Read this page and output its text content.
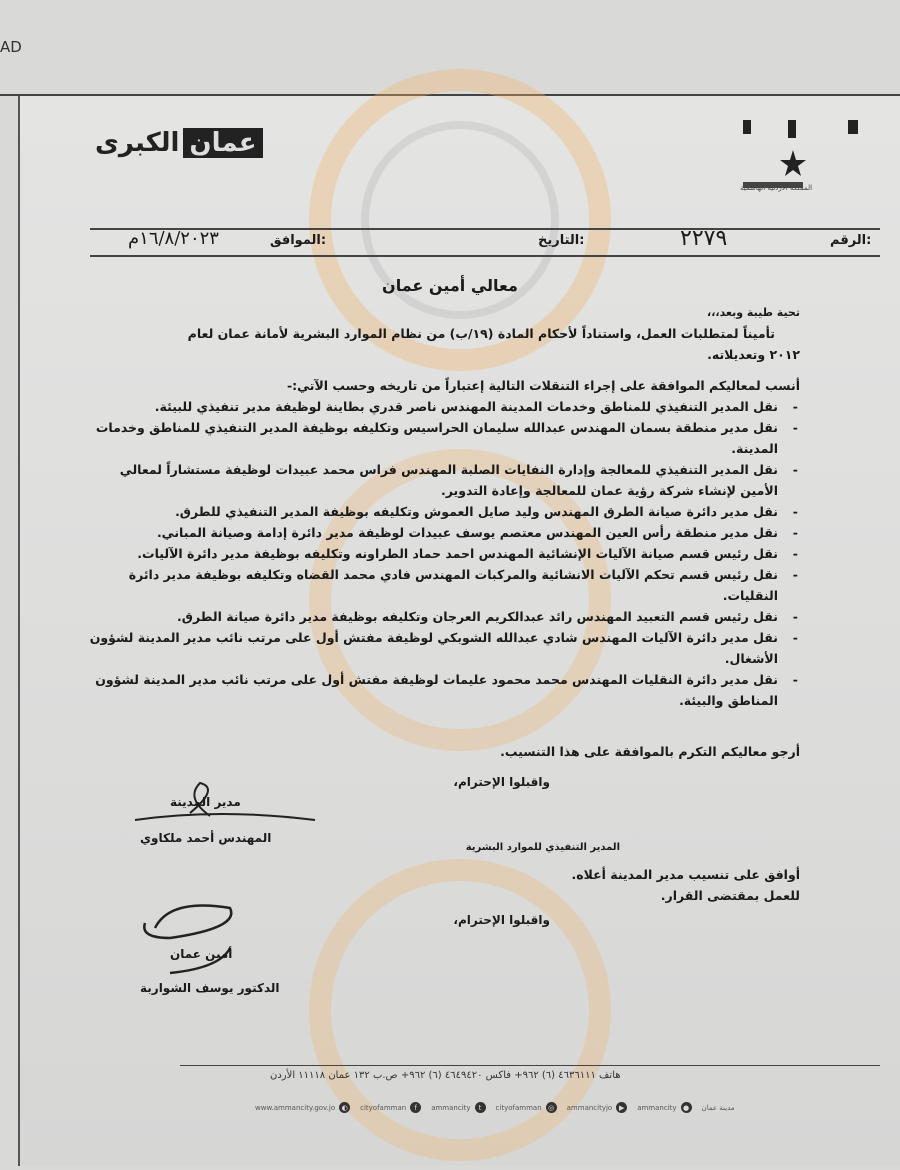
AD
عمانالكبرى
المملكة الأردنية الهاشمية
الرقم:
٢٢٧٩
التاريخ:
الموافق:
١٦/٨/٢٠٢٣م
معالي أمين عمان
تحية طيبة وبعد،،،
تأميناً لمتطلبات العمل، واستناداً لأحكام المادة (١٩/ب) من نظام الموارد البشرية لأمانة عمان لعام
٢٠١٢ وتعديلاته.
أنسب لمعاليكم الموافقة على إجراء التنقلات التالية إعتباراً من تاريخه وحسب الآتي:-
- نقل المدير التنفيذي للمناطق وخدمات المدينة المهندس ناصر قدري بطاينة لوظيفة مدير تنفيذي للبيئة.
- نقل مدير منطقة بسمان المهندس عبدالله سليمان الحراسيس وتكليفه بوظيفة المدير التنفيذي للمناطق وخدمات المدينة.
- نقل المدير التنفيذي للمعالجة وإدارة النفايات الصلبة المهندس فراس محمد عبيدات لوظيفة مستشاراً لمعالي الأمين لإنشاء شركة رؤية عمان للمعالجة وإعادة التدوير.
- نقل مدير دائرة صيانة الطرق المهندس وليد صايل العموش وتكليفه بوظيفة المدير التنفيذي للطرق.
- نقل مدير منطقة رأس العين المهندس معتصم يوسف عبيدات لوظيفة مدير دائرة إدامة وصيانة المباني.
- نقل رئيس قسم صيانة الآليات الإنشائية المهندس احمد حماد الطراونه وتكليفه بوظيفة مدير دائرة الآليات.
- نقل رئيس قسم تحكم الآليات الانشائية والمركبات المهندس فادي محمد القضاه وتكليفه بوظيفة مدير دائرة النقليات.
- نقل رئيس قسم التعبيد المهندس رائد عبدالكريم العرجان وتكليفه بوظيفة مدير دائرة صيانة الطرق.
- نقل مدير دائرة الآليات المهندس شادي عبدالله الشوبكي لوظيفة مفتش أول على مرتب نائب مدير المدينة لشؤون الأشغال.
- نقل مدير دائرة النقليات المهندس محمد محمود عليمات لوظيفة مفتش أول على مرتب نائب مدير المدينة لشؤون المناطق والبيئة.
أرجو معاليكم التكرم بالموافقة على هذا التنسيب.
مدير المدينة
المهندس أحمد ملكاوي
أمين عمان
الدكتور يوسف الشواربة
واقبلوا الإحترام،
المدير التنفيذي للموارد البشرية
أوافق على تنسيب مدير المدينة أعلاه.
للعمل بمقتضى القرار.
واقبلوا الإحترام،
هاتف ٤٦٣٦١١١ (٦) ٩٦٢+ فاكس ٤٦٤٩٤٢٠ (٦) ٩٦٢+ ص.ب ١٣٢ عمان ١١١١٨ الأردن
مدينة عمان
●
ammancity
▶
ammancityjo
◎
cityofamman
t
ammancity
f
cityofamman
◐
www.ammancity.gov.jo
